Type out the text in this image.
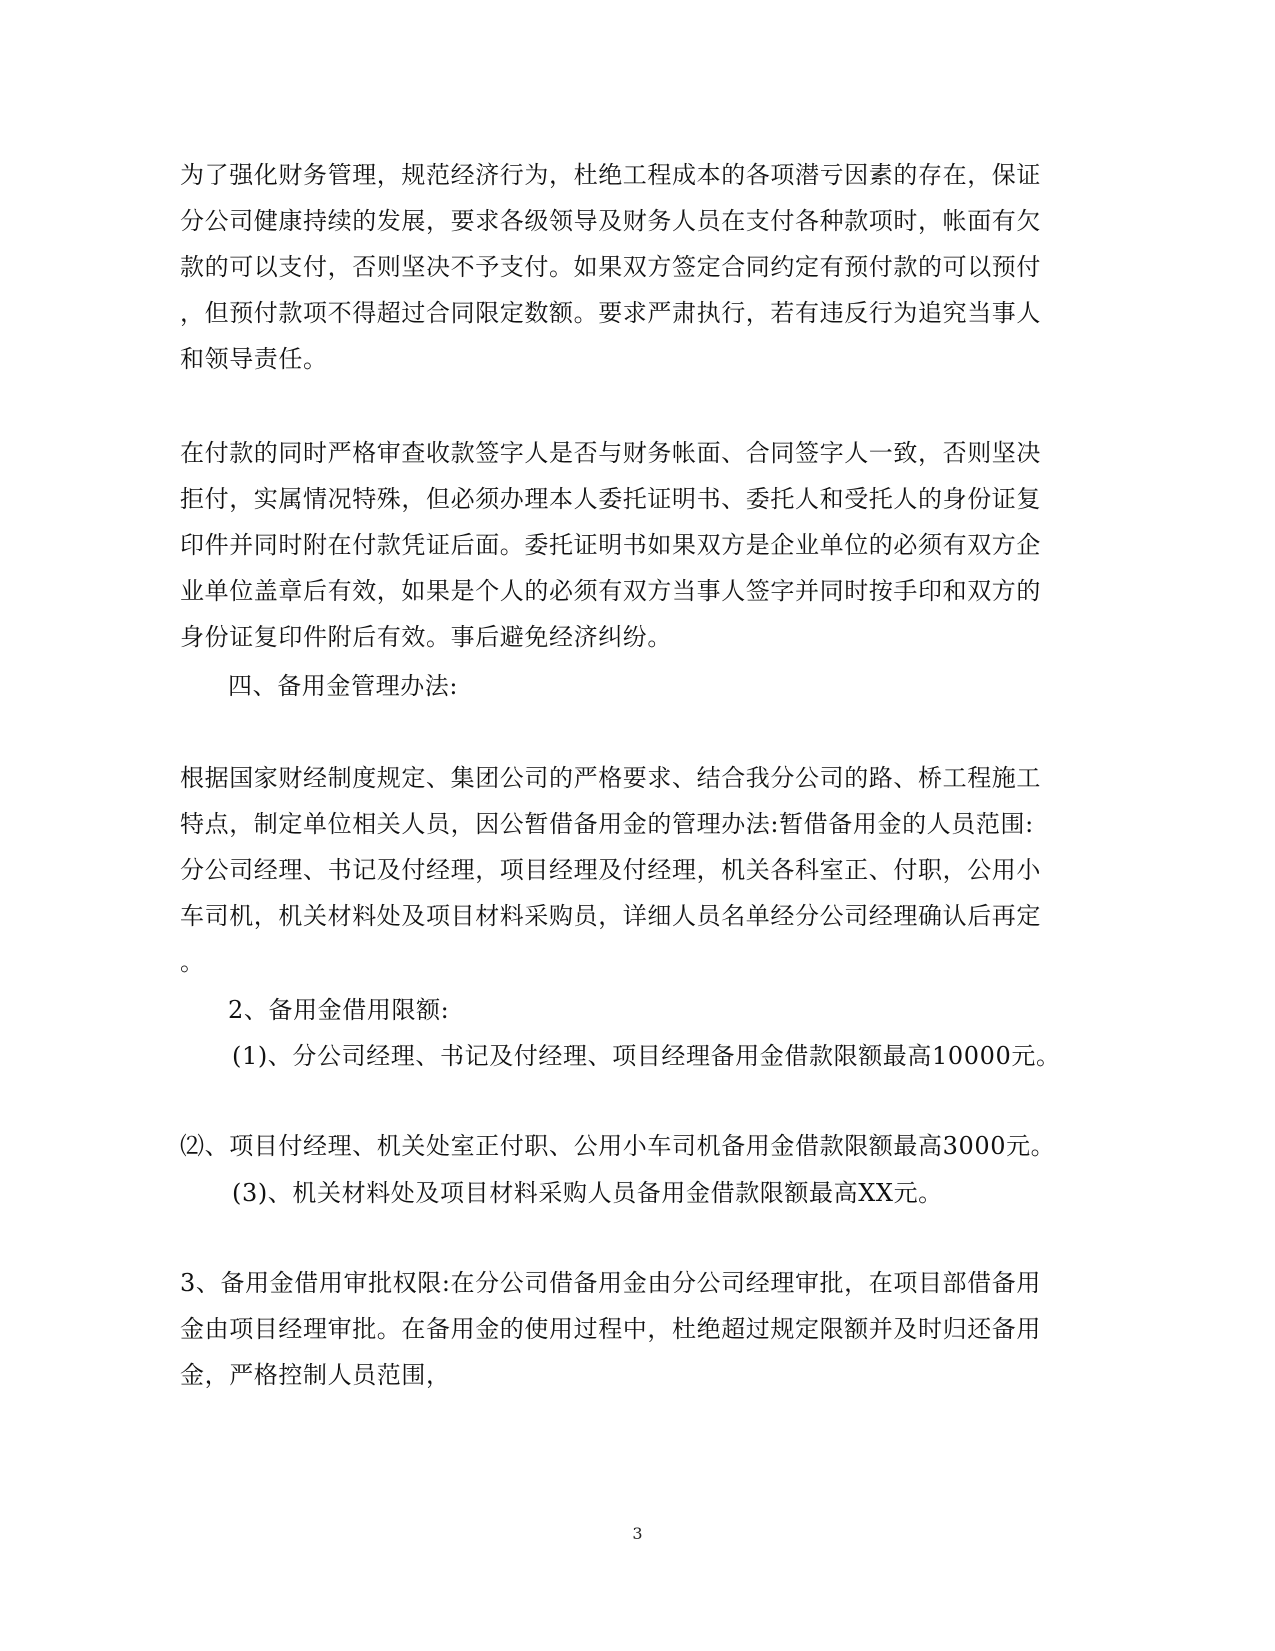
为了强化财务管理，规范经济行为，杜绝工程成本的各项潜亏因素的存在，保证
分公司健康持续的发展，要求各级领导及财务人员在支付各种款项时，帐面有欠
款的可以支付，否则坚决不予支付。如果双方签定合同约定有预付款的可以预付
，但预付款项不得超过合同限定数额。要求严肃执行，若有违反行为追究当事人
和领导责任。
在付款的同时严格审查收款签字人是否与财务帐面、合同签字人一致，否则坚决
拒付，实属情况特殊，但必须办理本人委托证明书、委托人和受托人的身份证复
印件并同时附在付款凭证后面。委托证明书如果双方是企业单位的必须有双方企
业单位盖章后有效，如果是个人的必须有双方当事人签字并同时按手印和双方的
身份证复印件附后有效。事后避免经济纠纷。
四、备用金管理办法:
根据国家财经制度规定、集团公司的严格要求、结合我分公司的路、桥工程施工
特点，制定单位相关人员，因公暂借备用金的管理办法:暂借备用金的人员范围:
分公司经理、书记及付经理，项目经理及付经理，机关各科室正、付职，公用小
车司机，机关材料处及项目材料采购员，详细人员名单经分公司经理确认后再定
。
2、备用金借用限额:
(1)、分公司经理、书记及付经理、项目经理备用金借款限额最高10000元。
⑵、项目付经理、机关处室正付职、公用小车司机备用金借款限额最高3000元。
(3)、机关材料处及项目材料采购人员备用金借款限额最高XX元。
3、备用金借用审批权限:在分公司借备用金由分公司经理审批，在项目部借备用
金由项目经理审批。在备用金的使用过程中，杜绝超过规定限额并及时归还备用
金，严格控制人员范围，
3
